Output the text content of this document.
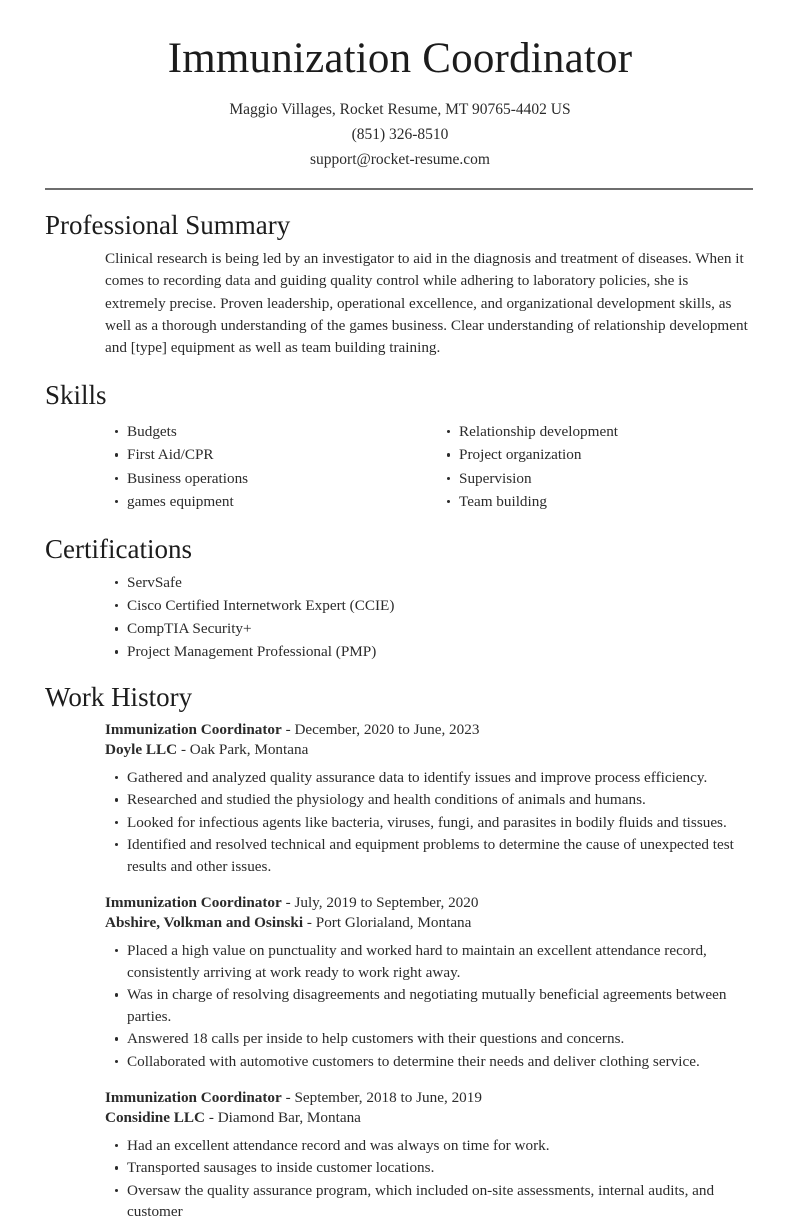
Immunization Coordinator
Maggio Villages, Rocket Resume, MT 90765-4402 US
(851) 326-8510
support@rocket-resume.com
Professional Summary

Clinical research is being led by an investigator to aid in the diagnosis and treatment of diseases. When it comes to recording data and guiding quality control while adhering to laboratory policies, she is extremely precise. Proven leadership, operational excellence, and organizational development skills, as well as a thorough understanding of the games business. Clear understanding of relationship development and [type] equipment as well as team building training.

Skills
Budgets
First Aid/CPR
Business operations
games equipment
Relationship development
Project organization
Supervision
Team building
Certifications
ServSafe
Cisco Certified Internetwork Expert (CCIE)
CompTIA Security+
Project Management Professional (PMP)
Work History
Immunization Coordinator - December, 2020 to June, 2023
Doyle LLC - Oak Park, Montana
Gathered and analyzed quality assurance data to identify issues and improve process efficiency.
Researched and studied the physiology and health conditions of animals and humans.
Looked for infectious agents like bacteria, viruses, fungi, and parasites in bodily fluids and tissues.
Identified and resolved technical and equipment problems to determine the cause of unexpected test results and other issues.
Immunization Coordinator - July, 2019 to September, 2020
Abshire, Volkman and Osinski - Port Glorialand, Montana
Placed a high value on punctuality and worked hard to maintain an excellent attendance record, consistently arriving at work ready to work right away.
Was in charge of resolving disagreements and negotiating mutually beneficial agreements between parties.
Answered 18 calls per inside to help customers with their questions and concerns.
Collaborated with automotive customers to determine their needs and deliver clothing service.
Immunization Coordinator - September, 2018 to June, 2019
Considine LLC - Diamond Bar, Montana
Had an excellent attendance record and was always on time for work.
Transported sausages to inside customer locations.
Oversaw the quality assurance program, which included on-site assessments, internal audits, and customer
